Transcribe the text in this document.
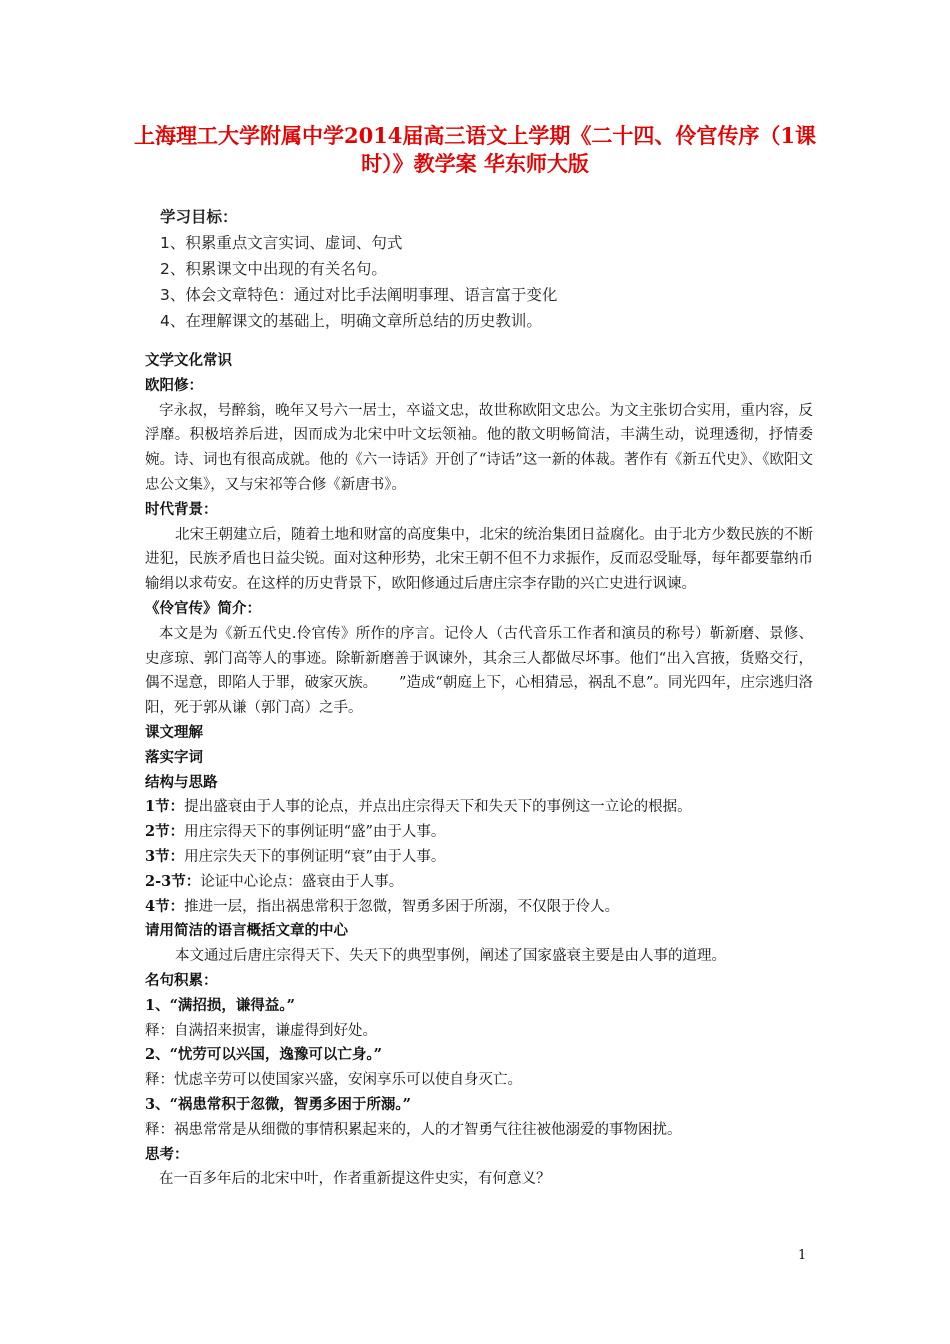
上海理工大学附属中学2014届高三语文上学期《二十四、伶官传序（1课时）》教学案 华东师大版
学习目标：
1、积累重点文言实词、虚词、句式
2、积累课文中出现的有关名句。
3、体会文章特色：通过对比手法阐明事理、语言富于变化
4、在理解课文的基础上，明确文章所总结的历史教训。
文学文化常识
欧阳修：
字永叔，号醉翁，晚年又号六一居士，卒谥文忠，故世称欧阳文忠公。为文主张切合实用，重内容，反浮靡。积极培养后进，因而成为北宋中叶文坛领袖。他的散文明畅简洁，丰满生动，说理透彻，抒情委婉。诗、词也有很高成就。他的《六一诗话》开创了“诗话”这一新的体裁。著作有《新五代史》、《欧阳文忠公文集》，又与宋祁等合修《新唐书》。
时代背景：
北宋王朝建立后，随着土地和财富的高度集中，北宋的统治集团日益腐化。由于北方少数民族的不断进犯，民族矛盾也日益尖锐。面对这种形势，北宋王朝不但不力求振作，反而忍受耻辱，每年都要靠纳币输绢以求苟安。在这样的历史背景下，欧阳修通过后唐庄宗李存勖的兴亡史进行讽谏。
《伶官传》简介：
本文是为《新五代史.伶官传》所作的序言。记伶人（古代音乐工作者和演员的称号）靳新磨、景修、史彦琼、郭门高等人的事迹。除靳新磨善于讽谏外，其余三人都做尽坏事。他们“出入宫掖，货赂交行，偶不逞意，即陷人于罪，破家灭族。　　”造成“朝庭上下，心相猜忌，祸乱不息”。同光四年，庄宗逃归洛阳，死于郭从谦（郭门高）之手。
课文理解
落实字词
结构与思路
1节：提出盛衰由于人事的论点，并点出庄宗得天下和失天下的事例这一立论的根据。
2节：用庄宗得天下的事例证明“盛”由于人事。
3节：用庄宗失天下的事例证明“衰”由于人事。
2-3节：论证中心论点：盛衰由于人事。
4节：推进一层，指出祸患常积于忽微，智勇多困于所溺，不仅限于伶人。
请用简洁的语言概括文章的中心
本文通过后唐庄宗得天下、失天下的典型事例，阐述了国家盛衰主要是由人事的道理。
名句积累：
1、“满招损，谦得益。”
释：自满招来损害，谦虚得到好处。
2、“忧劳可以兴国，逸豫可以亡身。”
释：忧虑辛劳可以使国家兴盛，安闲享乐可以使自身灭亡。
3、“祸患常积于忽微，智勇多困于所溺。”
释：祸患常常是从细微的事情积累起来的，人的才智勇气往往被他溺爱的事物困扰。
思考：
在一百多年后的北宋中叶，作者重新提这件史实，有何意义？
1
